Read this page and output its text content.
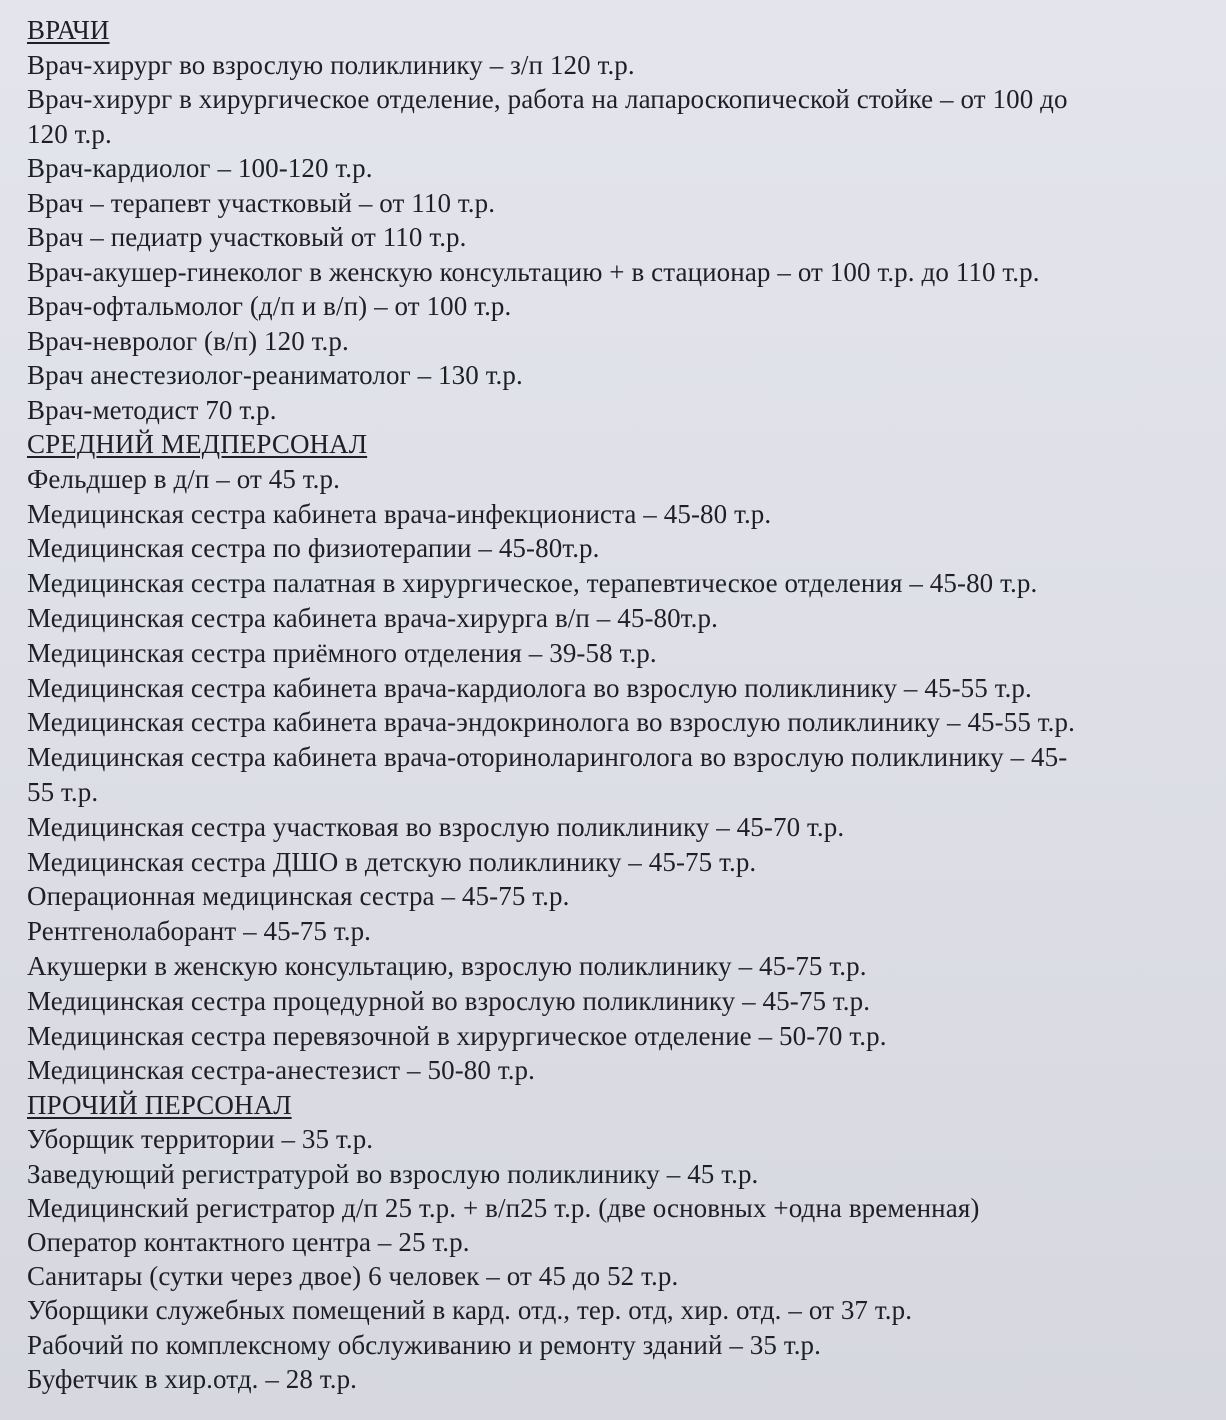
ВРАЧИ
Врач-хирург во взрослую поликлинику – з/п 120 т.р.
Врач-хирург в хирургическое отделение, работа на лапароскопической стойке – от 100 до
120 т.р.
Врач-кардиолог – 100-120 т.р.
Врач – терапевт участковый – от 110 т.р.
Врач – педиатр участковый от 110 т.р.
Врач-акушер-гинеколог в женскую консультацию + в стационар – от 100 т.р. до 110 т.р.
Врач-офтальмолог (д/п и в/п) – от 100 т.р.
Врач-невролог (в/п) 120 т.р.
Врач анестезиолог-реаниматолог – 130 т.р.
Врач-методист 70 т.р.
СРЕДНИЙ МЕДПЕРСОНАЛ
Фельдшер в д/п – от 45 т.р.
Медицинская сестра кабинета врача-инфекциониста – 45-80 т.р.
Медицинская сестра по физиотерапии – 45-80т.р.
Медицинская сестра палатная в хирургическое, терапевтическое отделения – 45-80 т.р.
Медицинская сестра кабинета врача-хирурга в/п – 45-80т.р.
Медицинская сестра приёмного отделения – 39-58 т.р.
Медицинская сестра кабинета врача-кардиолога во взрослую поликлинику – 45-55 т.р.
Медицинская сестра кабинета врача-эндокринолога во взрослую поликлинику – 45-55 т.р.
Медицинская сестра кабинета врача-оториноларинголога во взрослую поликлинику – 45-
55 т.р.
Медицинская сестра участковая во взрослую поликлинику – 45-70 т.р.
Медицинская сестра ДШО в детскую поликлинику – 45-75 т.р.
Операционная медицинская сестра – 45-75 т.р.
Рентгенолаборант – 45-75 т.р.
Акушерки в женскую консультацию, взрослую поликлинику – 45-75 т.р.
Медицинская сестра процедурной во взрослую поликлинику – 45-75 т.р.
Медицинская сестра перевязочной в хирургическое отделение – 50-70 т.р.
Медицинская сестра-анестезист – 50-80 т.р.
ПРОЧИЙ ПЕРСОНАЛ
Уборщик территории – 35 т.р.
Заведующий регистратурой во взрослую поликлинику – 45 т.р.
Медицинский регистратор д/п 25 т.р. + в/п25 т.р. (две основных +одна временная)
Оператор контактного центра – 25 т.р.
Санитары (сутки через двое) 6 человек – от 45 до 52 т.р.
Уборщики служебных помещений в кард. отд., тер. отд, хир. отд. – от 37 т.р.
Рабочий по комплексному обслуживанию и ремонту зданий – 35 т.р.
Буфетчик в хир.отд. – 28 т.р.
